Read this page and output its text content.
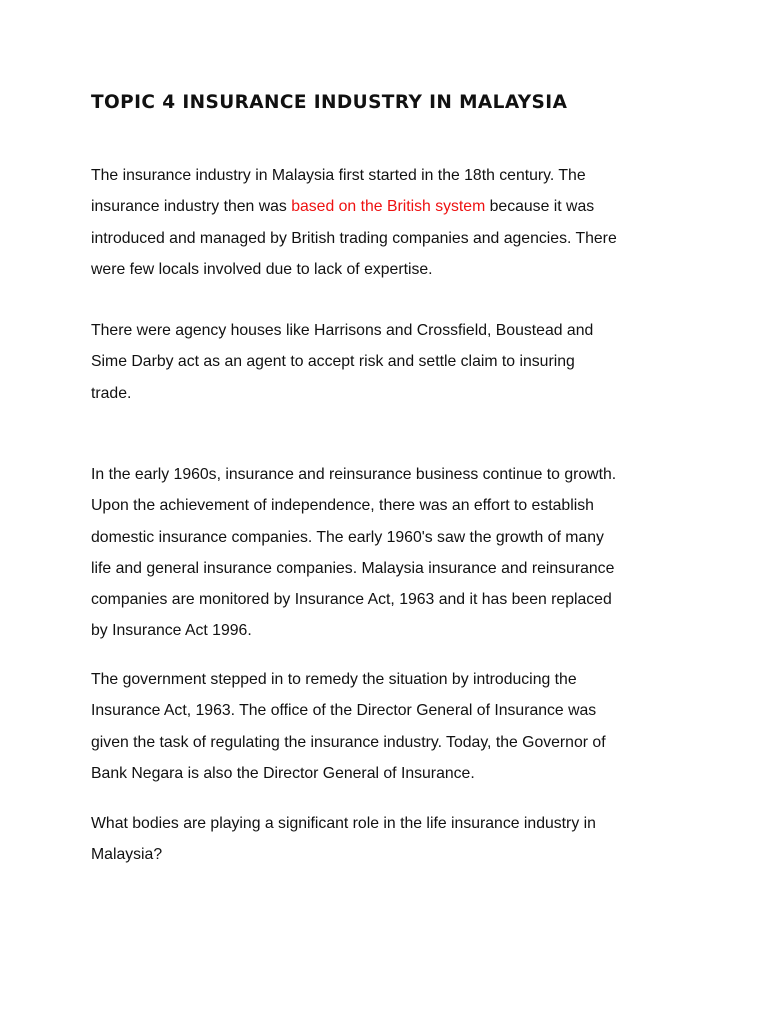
TOPIC 4 INSURANCE INDUSTRY IN MALAYSIA

The insurance industry in Malaysia first started in the 18th century. The
insurance industry then was based on the British system because it was
introduced and managed by British trading companies and agencies. There
were few locals involved due to lack of expertise.

There were agency houses like Harrisons and Crossfield, Boustead and
Sime Darby act as an agent to accept risk and settle claim to insuring
trade.

In the early 1960s, insurance and reinsurance business continue to growth.
Upon the achievement of independence, there was an effort to establish
domestic insurance companies. The early 1960's saw the growth of many
life and general insurance companies. Malaysia insurance and reinsurance
companies are monitored by Insurance Act, 1963 and it has been replaced
by Insurance Act 1996.

The government stepped in to remedy the situation by introducing the
Insurance Act, 1963. The office of the Director General of Insurance was
given the task of regulating the insurance industry. Today, the Governor of
Bank Negara is also the Director General of Insurance.

What bodies are playing a significant role in the life insurance industry in
Malaysia?
